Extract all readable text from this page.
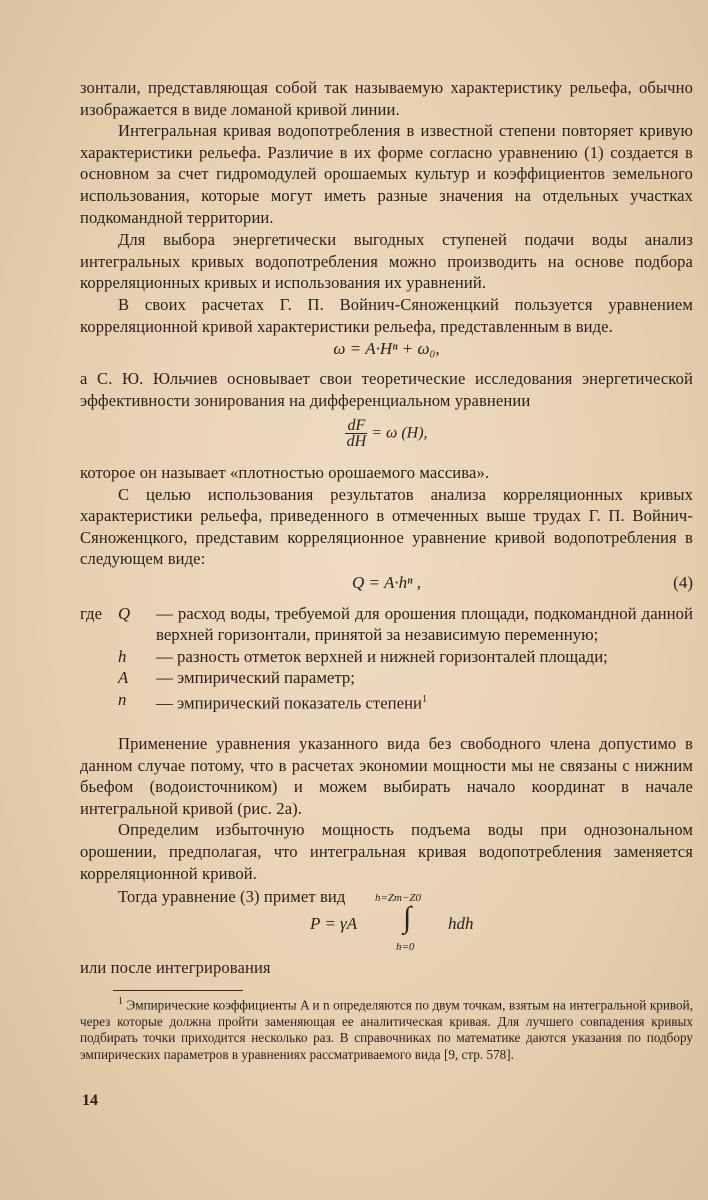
зонтали, представляющая собой так называемую характеристику рельефа, обычно изображается в виде ломаной кривой линии.

Интегральная кривая водопотребления в известной степени повторяет кривую характеристики рельефа. Различие в их форме согласно уравнению (1) создается в основном за счет гидромодулей орошаемых культур и коэффициентов земельного использования, которые могут иметь разные значения на отдельных участках подкомандной территории.

Для выбора энергетически выгодных ступеней подачи воды анализ интегральных кривых водопотребления можно производить на основе подбора корреляционных кривых и использования их уравнений.

В своих расчетах Г. П. Войнич-Сяноженцкий пользуется уравнением корреляционной кривой характеристики рельефа, представленным в виде.

ω = A·Hⁿ + ω₀,

а С. Ю. Юльчиев основывает свои теоретические исследования энергетической эффективности зонирования на дифференциальном уравнении

$\frac{dF}{dH} = \omega$ (H),

которое он называет «плотностью орошаемого массива».

С целью использования результатов анализа корреляционных кривых характеристики рельефа, приведенного в отмеченных выше трудах Г. П. Войнич-Сяноженцкого, представим корреляционное уравнение кривой водопотребления в следующем виде:

Q = A·hⁿ ,	(4)

где Q — расход воды, требуемой для орошения площади, подкомандной данной верхней горизонтали, принятой за независимую переменную;
h — разность отметок верхней и нижней горизонталей площади;
A — эмпирический параметр;
n — эмпирический показатель степени$^1$

Применение уравнения указанного вида без свободного члена допустимо в данном случае потому, что в расчетах экономии мощности мы не связаны с нижним бьефом (водоисточником) и можем выбирать начало координат в начале интегральной кривой (рис. 2а).

Определим избыточную мощность подъема воды при однозональном орошении, предполагая, что интегральная кривая водопотребления заменяется корреляционной кривой.

Тогда уравнение (3) примет вид

P = γA
h=Zm−Z0
∫
h=0
hdh

или после интегрирования

$^1$ Эмпирические коэффициенты A и n определяются по двум точкам, взятым на интегральной кривой, через которые должна пройти заменяющая ее аналитическая кривая. Для лучшего совпадения кривых подбирать точки приходится несколько раз. В справочниках по математике даются указания по подбору эмпирических параметров в уравнениях рассматриваемого вида [9, стр. 578].

14
